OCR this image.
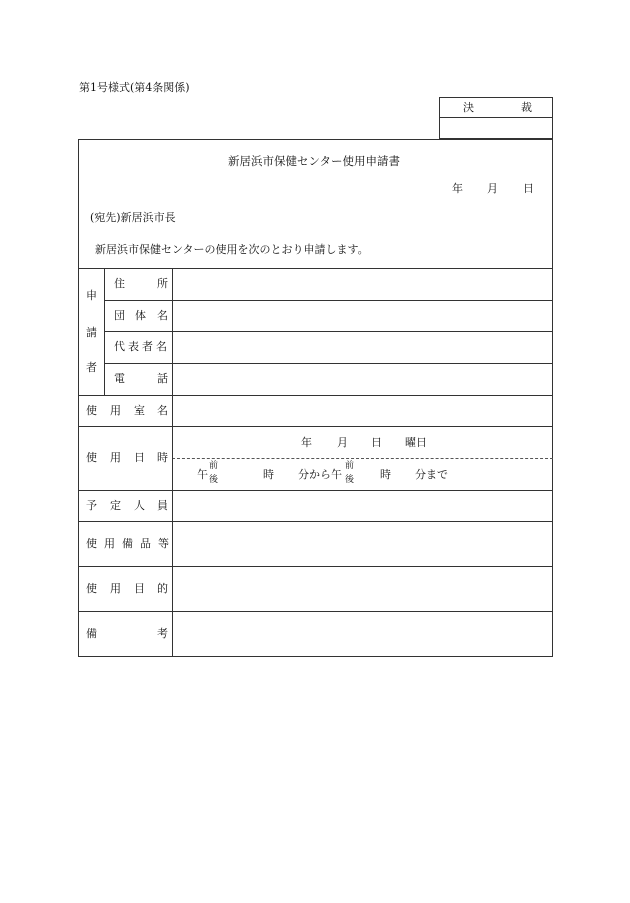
第1号様式(第4条関係)
決	裁
新居浜市保健センター使用申請書
年 月 日
(宛先)新居浜市長
新居浜市保健センターの使用を次のとおり申請します。
申
請
者
住	所
団 体 名
代表者名
電	話
使 用 室 名
使 用 日 時
年 月 日 曜日
午
前
後	時 分から午
前
後 時 分まで
予 定 人 員
使 用 備 品 等
使 用 目 的
備	考
